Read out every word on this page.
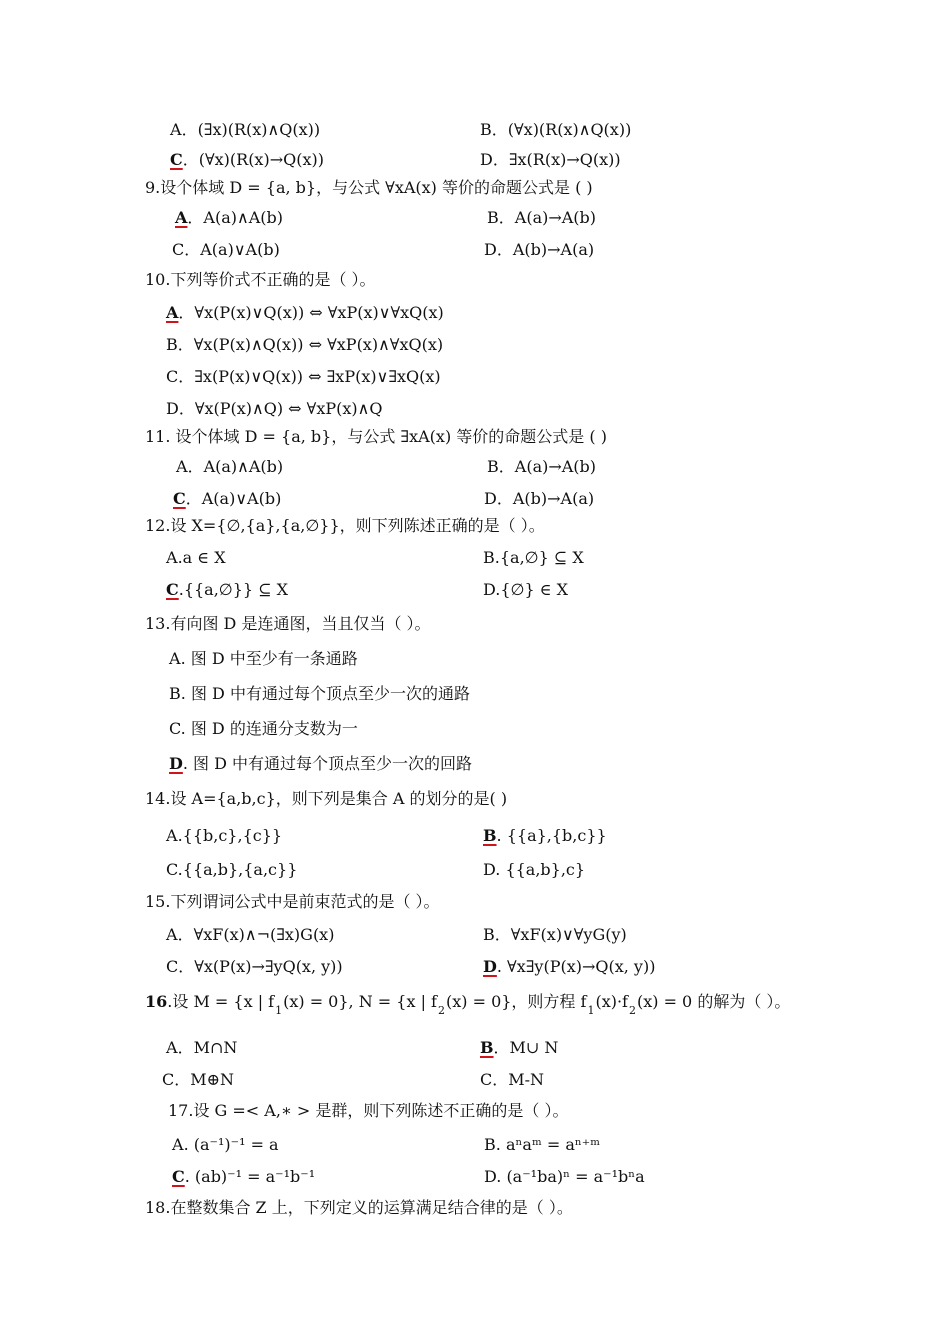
A．(∃x)(R(x)∧Q(x))	B．(∀x)(R(x)∧Q(x))
C．(∀x)(R(x)→Q(x))	D．∃x(R(x)→Q(x))
9.设个体域 D = {a, b}，与公式 ∀xA(x) 等价的命题公式是 ( )
A．A(a)∧A(b)	B．A(a)→A(b)
C．A(a)∨A(b)	D．A(b)→A(a)
10.下列等价式不正确的是（ ）。
A．∀x(P(x)∨Q(x)) ⇔ ∀xP(x)∨∀xQ(x)
B．∀x(P(x)∧Q(x)) ⇔ ∀xP(x)∧∀xQ(x)
C．∃x(P(x)∨Q(x)) ⇔ ∃xP(x)∨∃xQ(x)
D．∀x(P(x)∧Q) ⇔ ∀xP(x)∧Q
11. 设个体域 D = {a, b}，与公式 ∃xA(x) 等价的命题公式是 ( )
A．A(a)∧A(b)	B．A(a)→A(b)
C．A(a)∨A(b)	D．A(b)→A(a)
12.设 X={∅,{a},{a,∅}}，则下列陈述正确的是（ ）。
A.a ∈ X	B.{a,∅} ⊆ X
C.{{a,∅}} ⊆ X	D.{∅} ∈ X
13.有向图 D 是连通图，当且仅当（ ）。
A. 图 D 中至少有一条通路
B. 图 D 中有通过每个顶点至少一次的通路
C. 图 D 的连通分支数为一
D. 图 D 中有通过每个顶点至少一次的回路
14.设 A={a,b,c}，则下列是集合 A 的划分的是( )
A.{{b,c},{c}}	B. {{a},{b,c}}
C.{{a,b},{a,c}}	D. {{a,b},c}
15.下列谓词公式中是前束范式的是（ ）。
A．∀xF(x)∧¬(∃x)G(x)	B．∀xF(x)∨∀yG(y)
C．∀x(P(x)→∃yQ(x, y))	D. ∀x∃y(P(x)→Q(x, y))
16.设 M = {x | $f_1(x) = 0$}, N = {x | $f_2(x) = 0$}，则方程 $f_1(x)\cdot f_2(x) = 0$ 的解为（ ）。
A．M∩N	B．M∪ N
C．M⊕N	C．M-N
17.设 G =< A,∗ > 是群，则下列陈述不正确的是（ ）。
A. (a⁻¹)⁻¹ = a	B. aⁿaᵐ = aⁿ⁺ᵐ
C. (ab)⁻¹ = a⁻¹b⁻¹	D. (a⁻¹ba)ⁿ = a⁻¹bⁿa
18.在整数集合 Z 上，下列定义的运算满足结合律的是（ ）。
